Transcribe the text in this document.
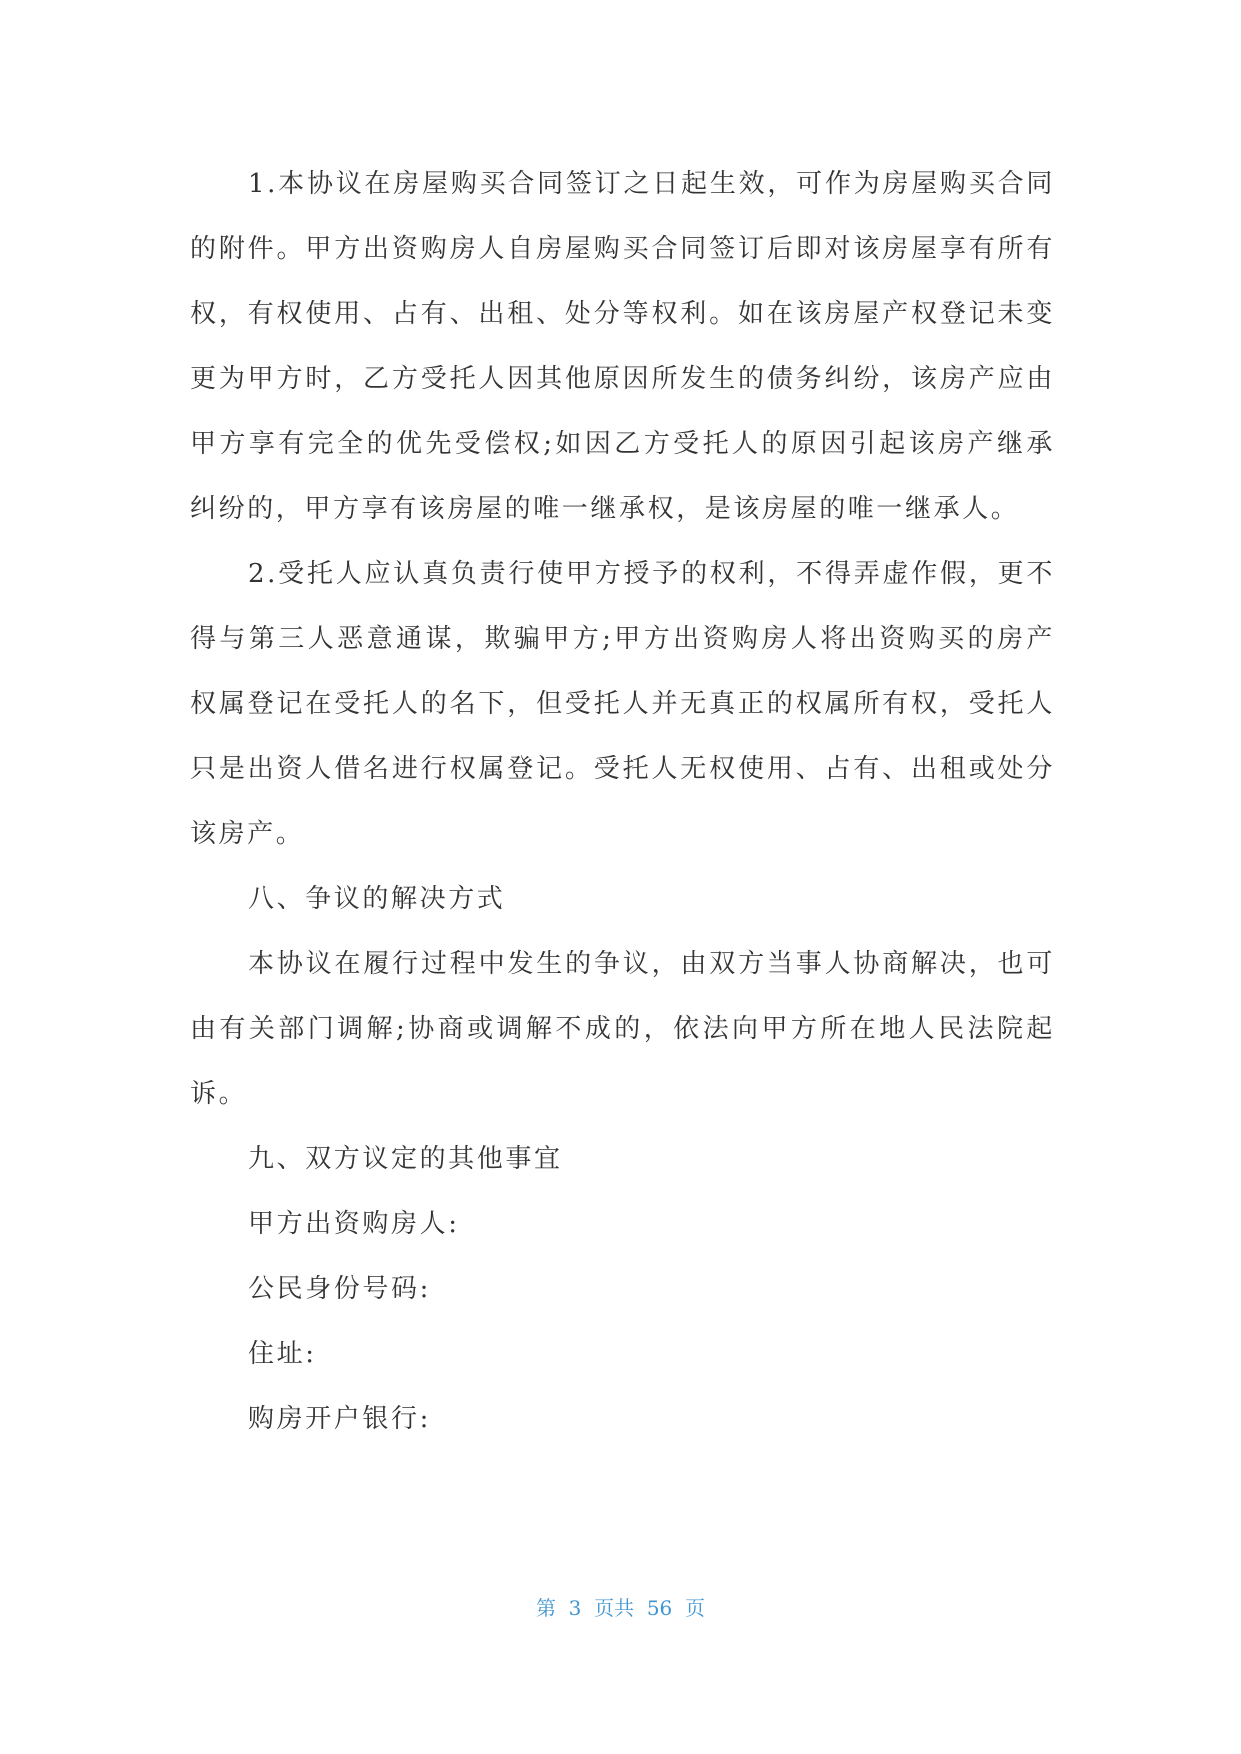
1.本协议在房屋购买合同签订之日起生效，可作为房屋购买合同的附件。甲方出资购房人自房屋购买合同签订后即对该房屋享有所有权，有权使用、占有、出租、处分等权利。如在该房屋产权登记未变更为甲方时，乙方受托人因其他原因所发生的债务纠纷，该房产应由甲方享有完全的优先受偿权;如因乙方受托人的原因引起该房产继承纠纷的，甲方享有该房屋的唯一继承权，是该房屋的唯一继承人。

2.受托人应认真负责行使甲方授予的权利，不得弄虚作假，更不得与第三人恶意通谋，欺骗甲方;甲方出资购房人将出资购买的房产权属登记在受托人的名下，但受托人并无真正的权属所有权，受托人只是出资人借名进行权属登记。受托人无权使用、占有、出租或处分该房产。

八、争议的解决方式

本协议在履行过程中发生的争议，由双方当事人协商解决，也可由有关部门调解;协商或调解不成的，依法向甲方所在地人民法院起诉。

九、双方议定的其他事宜

甲方出资购房人:

公民身份号码:

住址:

购房开户银行:

第  3  页共  56  页
